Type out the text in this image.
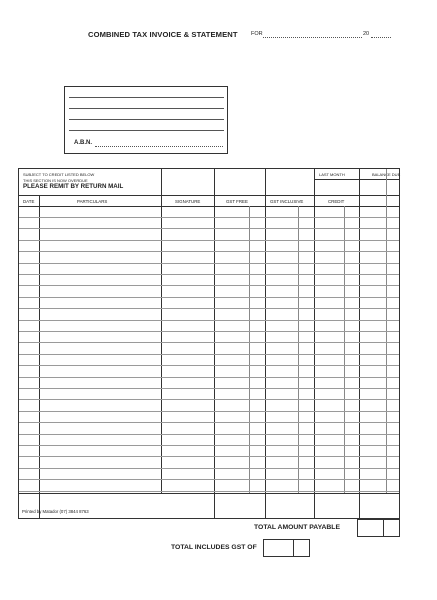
COMBINED TAX INVOICE & STATEMENT FOR	20
A.B.N.
SUBJECT TO CREDIT LISTED BELOW
THIS SECTION IS NOW OVERDUE
PLEASE REMIT BY RETURN MAIL
LAST MONTH	BALANCE DUE
DATE	PARTICULARS	SIGNATURE	GST FREE	GST INCLUSIVE	CREDIT
Printed by Matador (07) 3844 8763
TOTAL AMOUNT PAYABLE
TOTAL INCLUDES GST OF
